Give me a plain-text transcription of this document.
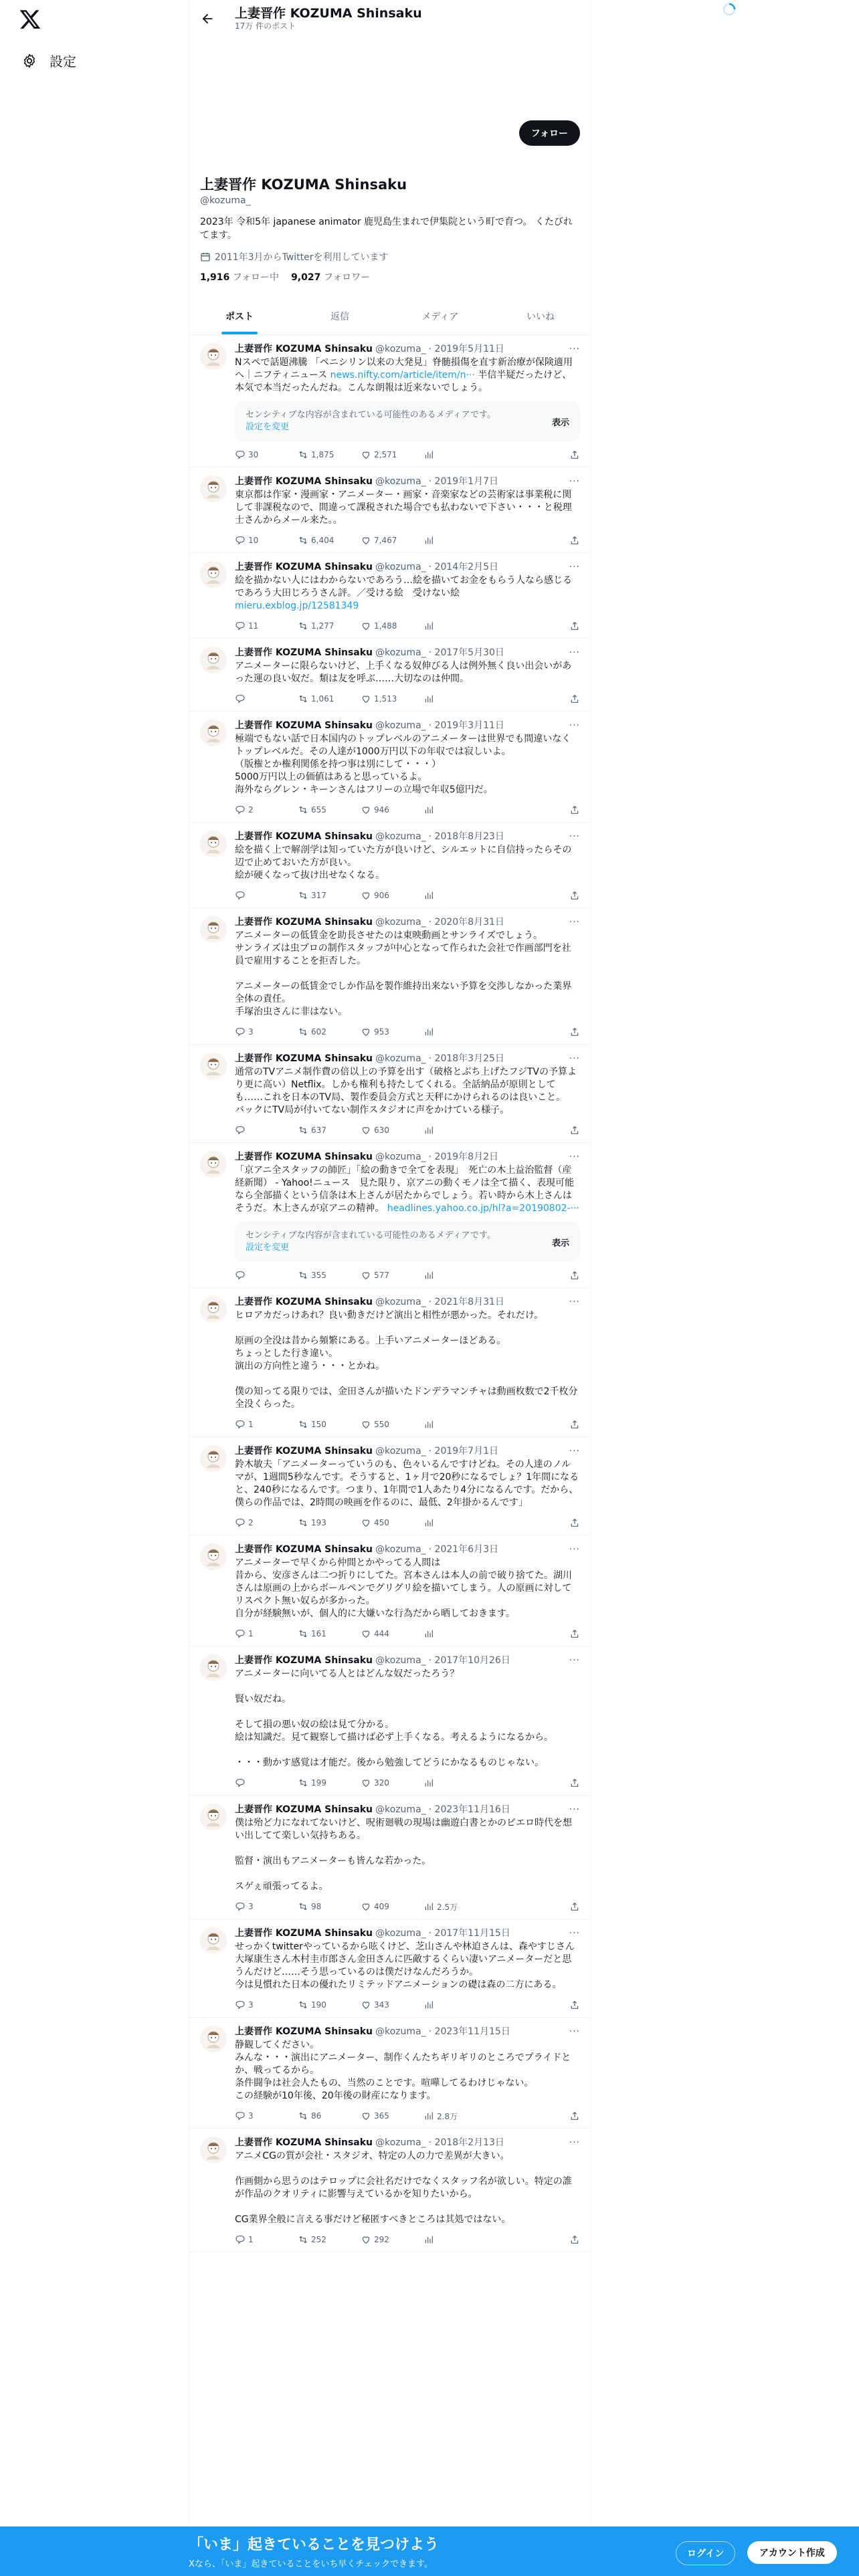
設定
上妻晋作 KOZUMA Shinsaku
17万 件のポスト
フォロー
上妻晋作 KOZUMA Shinsaku
@kozuma_
2023年 令和5年 japanese animator 鹿児島生まれで伊集院という町で育つ。 くたびれてます。
2011年3月からTwitterを利用しています
1,916 フォロー中 9,027 フォロワー
ポスト	返信	メディア	いいね
上妻晋作 KOZUMA Shinsaku @kozuma_ · 2019年5月11日	···
Nスペで話題沸騰 「ペニシリン以来の大発見」脊髄損傷を直す新治療が保険適用へ｜ニフティニュース news.nifty.com/article/item/n··· 半信半疑だったけど、本気で本当だったんだね。こんな朗報は近来ないでしょう。
センシティブな内容が含まれている可能性のあるメディアです。
設定を変更	表示
30	1,875	2,571
上妻晋作 KOZUMA Shinsaku @kozuma_ · 2019年1月7日	···
東京都は作家・漫画家・アニメーター・画家・音楽家などの芸術家は事業税に関して非課税なので、間違って課税された場合でも払わないで下さい・・・と税理士さんからメール来た。。
10	6,404	7,467
上妻晋作 KOZUMA Shinsaku @kozuma_ · 2014年2月5日	···
絵を描かない人にはわからないであろう…絵を描いてお金をもらう人なら感じるであろう大田じろうさん評。／受ける絵　受けない絵 mieru.exblog.jp/12581349
11	1,277	1,488
上妻晋作 KOZUMA Shinsaku @kozuma_ · 2017年5月30日	···
アニメーターに限らないけど、上手くなる奴伸びる人は例外無く良い出会いがあった運の良い奴だ。類は友を呼ぶ……大切なのは仲間。
1,061	1,513
上妻晋作 KOZUMA Shinsaku @kozuma_ · 2019年3月11日	···
極端でもない話で日本国内のトップレベルのアニメーターは世界でも間違いなくトップレベルだ。その人達が1000万円以下の年収では寂しいよ。
（版権とか権利関係を持つ事は別にして・・・）
5000万円以上の価値はあると思っているよ。
海外ならグレン・キーンさんはフリーの立場で年収5億円だ。
2	655	946
上妻晋作 KOZUMA Shinsaku @kozuma_ · 2018年8月23日	···
絵を描く上で解剖学は知っていた方が良いけど、シルエットに自信持ったらその辺で止めておいた方が良い。
絵が硬くなって抜け出せなくなる。
317	906
上妻晋作 KOZUMA Shinsaku @kozuma_ · 2020年8月31日	···
アニメーターの低賃金を助長させたのは東映動画とサンライズでしょう。
サンライズは虫プロの制作スタッフが中心となって作られた会社で作画部門を社員で雇用することを拒否した。

アニメーターの低賃金でしか作品を製作維持出来ない予算を交渉しなかった業界全体の責任。
手塚治虫さんに非はない。
3	602	953
上妻晋作 KOZUMA Shinsaku @kozuma_ · 2018年3月25日	···
通常のTVアニメ制作費の倍以上の予算を出す（破格とぶち上げたフジTVの予算より更に高い）Netflix。しかも権利も持たしてくれる。全話納品が原則としても……これを日本のTV局、製作委員会方式と天秤にかけられるのは良いこと。
バックにTV局が付いてない制作スタジオに声をかけている様子。
637	630
上妻晋作 KOZUMA Shinsaku @kozuma_ · 2019年8月2日	···
「京アニ全スタッフの師匠」「絵の動きで全てを表現」　死亡の木上益治監督（産経新聞） - Yahoo!ニュース　見た限り、京アニの動くモノは全て描く、表現可能なら全部描くという信条は木上さんが居たからでしょう。若い時から木上さんはそうだ。木上さんが京アニの精神。 headlines.yahoo.co.jp/hl?a=20190802-···
センシティブな内容が含まれている可能性のあるメディアです。
設定を変更	表示
355	577
上妻晋作 KOZUMA Shinsaku @kozuma_ · 2021年8月31日	···
ヒロアカだっけあれ？良い動きだけど演出と相性が悪かった。それだけ。

原画の全没は昔から頻繁にある。上手いアニメーターほどある。
ちょっとした行き違い。
演出の方向性と違う・・・とかね。

僕の知ってる限りでは、金田さんが描いたドンデラマンチャは動画枚数で2千枚分全没くらった。
1	150	550
上妻晋作 KOZUMA Shinsaku @kozuma_ · 2019年7月1日	···
鈴木敏夫「アニメーターっていうのも、色々いるんですけどね。その人達のノルマが、1週間5秒なんです。そうすると、1ヶ月で20秒になるでしょ？1年間になると、240秒になるんです。つまり、1年間で1人あたり4分になるんです。だから、僕らの作品では、2時間の映画を作るのに、最低、2年掛かるんです」
2	193	450
上妻晋作 KOZUMA Shinsaku @kozuma_ · 2021年6月3日	···
アニメーターで早くから仲間とかやってる人間は
昔から、安彦さんは二つ折りにしてた。宮本さんは本人の前で破り捨てた。湖川さんは原画の上からボールペンでグリグリ絵を描いてしまう。人の原画に対してリスペクト無い奴らが多かった。
自分が経験無いが、個人的に大嫌いな行為だから晒しておきます。
1	161	444
上妻晋作 KOZUMA Shinsaku @kozuma_ · 2017年10月26日	···
アニメーターに向いてる人とはどんな奴だったろう？

賢い奴だね。

そして損の悪い奴の絵は見て分かる。
絵は知識だ。見て観察して描けば必ず上手くなる。考えるようになるから。

・・・動かす感覚は才能だ。後から勉強してどうにかなるものじゃない。
199	320
上妻晋作 KOZUMA Shinsaku @kozuma_ · 2023年11月16日	···
僕は殆ど力になれてないけど、呪術廻戦の現場は幽遊白書とかのビエロ時代を想い出してて楽しい気持ちある。

監督・演出もアニメーターも皆んな若かった。

スゲぇ頑張ってるよ。
3	98	409	2.5万
上妻晋作 KOZUMA Shinsaku @kozuma_ · 2017年11月15日	···
せっかくtwitterやっているから呟くけど、芝山さんや林迫さんは、森やすじさん大塚康生さん木村圭市郎さん金田さんに匹敵するくらい凄いアニメーターだと思うんだけど……そう思っているのは僕だけなんだろうか。
今は見慣れた日本の優れたリミテッドアニメーションの礎は森の二方にある。
3	190	343
上妻晋作 KOZUMA Shinsaku @kozuma_ · 2023年11月15日	···
静観してください。
みんな・・・演出にアニメーター、制作くんたちギリギリのところでプライドとか、戦ってるから。
条件闘争は社会人たもの、当然のことです。喧嘩してるわけじゃない。
この経験が10年後、20年後の財産になります。
3	86	365	2.8万
上妻晋作 KOZUMA Shinsaku @kozuma_ · 2018年2月13日	···
アニメCGの質が会社・スタジオ、特定の人の力で差異が大きい。

作画側から思うのはテロップに会社名だけでなくスタッフ名が欲しい。特定の誰が作品のクオリティに影響与えているかを知りたいから。

CG業界全般に言える事だけど秘匿すべきところは其処ではない。
1	252	292
「いま」起きていることを見つけよう
Xなら、「いま」起きていることをいち早くチェックできます。
ログイン	アカウント作成
